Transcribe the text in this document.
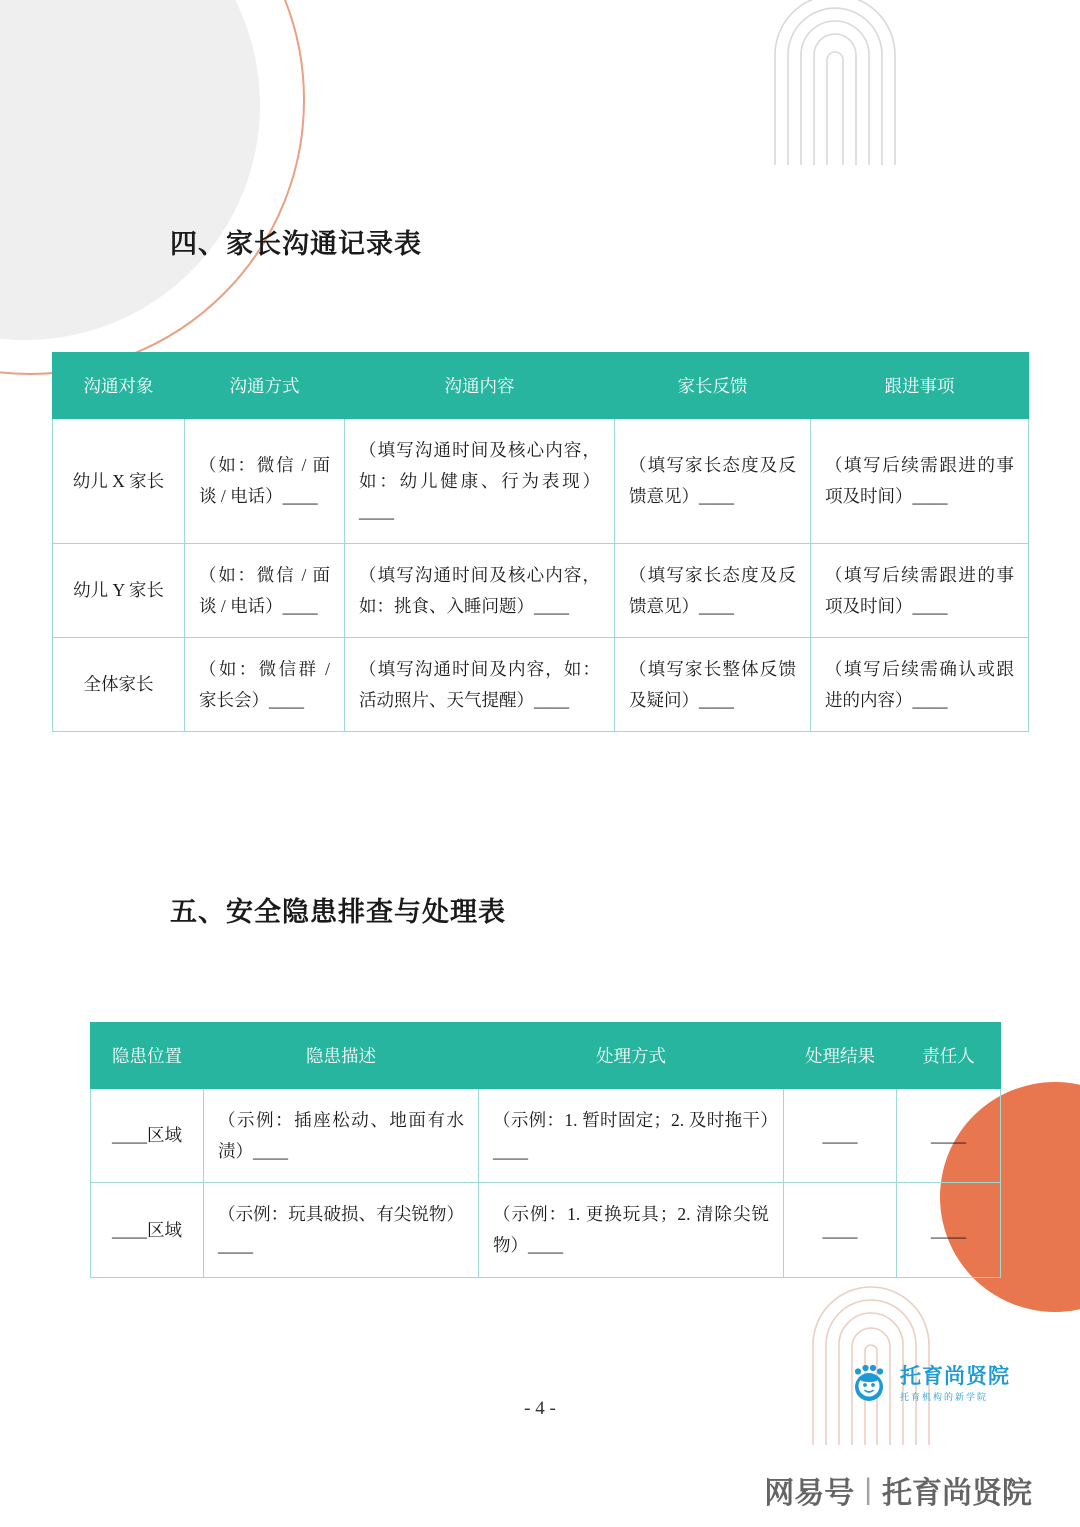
四、家长沟通记录表
沟通对象	沟通方式	沟通内容	家长反馈	跟进事项
幼儿 X 家长	（如：微信 / 面谈 / 电话）____	（填写沟通时间及核心内容，如：幼儿健康、行为表现）____	（填写家长态度及反馈意见）____	（填写后续需跟进的事项及时间）____
幼儿 Y 家长	（如：微信 / 面谈 / 电话）____	（填写沟通时间及核心内容，如：挑食、入睡问题）____	（填写家长态度及反馈意见）____	（填写后续需跟进的事项及时间）____
全体家长	（如：微信群 / 家长会）____	（填写沟通时间及内容，如：活动照片、天气提醒）____	（填写家长整体反馈及疑问）____	（填写后续需确认或跟进的内容）____
五、安全隐患排查与处理表
隐患位置	隐患描述	处理方式	处理结果	责任人
____区域	（示例：插座松动、地面有水渍）____	（示例：1. 暂时固定；2. 及时拖干）____	____	____
____区域	（示例：玩具破损、有尖锐物）____	（示例：1. 更换玩具；2. 清除尖锐物）____	____	____
- 4 -
托育尚贤院
托育机构的新学院
网易号 | 托育尚贤院
